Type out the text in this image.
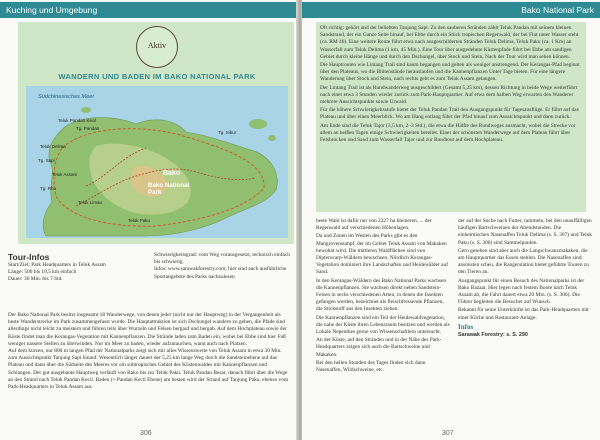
Kuching und Umgebung
Aktiv
WANDERN UND BADEN IM BAKO NATIONAL PARK
Südchinesisches Meer
Bako
Bako National Park
Teluk Pandan Kecil
Tg. Pandan
Teluk Delima
Tg. Sapi
Teluk Assam
Tg. Rhu
Teluk Limau
Tg. Sibur
Telok Paku

Tour-Infos

Start/Ziel: Park Headquarters in Teluk Assam
Länge: 500 bis 10,5 km einfach
Dauer: 30 Min. bis 7 Std.
Schwierigkeitsgrad: vom Weg vorausgesetzt, technisch einfach bis schwierig
Infos: www.sarawakforestry.com; hier sind auch ausführliche Sportangebote des Parks nachzulesen
Der Bako National Park besitzt insgesamt 18 Wanderwege, von denen jeder (nicht nur der Hauptweg) in der Vergangenheit als beste Wanderstrecke im Park zusammengefasst wurde. Die Hauptattraktion ist sich Dschungel wandern zu gehen, die Pfade sind allerdings nicht leicht zu meistern und führen teils über Wurzeln und Felsen bergauf und bergab. Auf dem Hochplateau sowie der Küste findet man die Kerangas-Vegetation mit Kannenpflanzen. Die Strände laden zum Baden ein, wobei bei Ebbe sind hier Fuß weniger nassere Stellen zu überwinden. Nur im Meer zu baden, wieder aufzutauchen, wann auch nach Platzen.
Auf dem kurzen, nur 800 m langen Pfad der Nationalparks zeigt sich mir alles Wissenswerte von Teluk Assam in etwa 30 Min. zum Aussichtspunkt Tanjung Sapi hinauf. Wesentlich länger dauert der 5,25 km lange Weg durch die Sandsteinebene auf das Plateau und dann über die Südseite des Meeres vor ein subtropisches Gebiet des Küstenwaldes mit Kannenpflanzen und Schlangen. Der gut ausgebaute Hauptweg verläuft von Bako bis zur Teluk Paku. Teluk Pandan Besar, danach führt über die Wege an den Strand nach Teluk Pandan Kecil. Baden (+ Pandan Kecil Ebene) am besten wird der Strand auf Tanjung Paku, ebenso vom Park-Headquarters in Teluk Assam aus.
306
Bako National Park

Oft richtig: gehört und der beliebten Tanjong Sapi. Zu den sauberen Stränden zählt Teluk Pandan mit seinem kleinen Sandstrand, der ein Ganze Seite hinauf, bei Ebbe durch ein Stück tropischen Regenwald, der bei Flut unter Wasser steht (ca. RM 40). Eine weitere Route führt etwa nach ausgeschilderten Stränden Teluk Delima, Teluk Paku (ca. 1 Km) an Wasserfall zum Teluk Delima (1 km, 45 Min.). Eine Tour über ausgedehnte Küstenpfade führt bei Ebbe am sandigen Gebiet durch kleine Hänge und durch den Dschungel, über Stock und Stein, Nach der Tour wird man sehen können.

Die Hauptrouten wie Lintang Trail sind kaum begangen und gelten als weniger anstrengend. Der Kerangas-Pfad beginnt über den Plateaus, wo die Blütenstände herauslaufen und die Kannenpflanzen Unter Tage bieten. Für eine längere Wanderung über Stock und Stein, nach rechts geht es zum Teluk Assam gelangen.

Der Lintang Trail ist als Rundwanderweg ausgeschildert (Gesamt 5,25 km), dessen Richtung in beide Wege weiterführt nach einer etwa 3 Stunden wieder zurück zum Park-Hauptquartier. Auf etwa dem halben Weg erwarten den Wanderer mehrere Aussichtspunkte sowie Urwald.

Für die höhere Schwierigkeitsstufe bietet der Teluk Pandan Trail den Ausgangspunkt für Tagesausflüge. Er führt auf das Plateau und über einen Meerblick. Wo am Hang entlang führt der Pfad hinauf zum Aussichtspunkt und dann zurück.

Am Ende sind die Teluk Tajor (3,5 km, 2–3 Std.), die etwa die Hälfte des Rundweges ausmacht, wobei die Strecke vor allem an heißen Tagen einige Schwierigkeiten bereitet. Einer der schönsten Wanderwege auf dem Plateau führt über Felsbrocken und Sand zum Wasserfall Tajor und zur Rundtour auf dem Hochplateau.

beste Wahl ist dafür nur von 2227 ha kleineren, ... der Regenwald auf verschiedenen Höhenlagen.

Da und Zonen im Westen des Parks gibt es den Mangrovensumpf, der im Gebiet Teluk Assam von Makaken bewohnt wird. Die mittleren Waldflächen sind von Dipterocarp-Wäldern bewachsen. Nördlich Kerangas-Vegetation dominiert ihre Landschaften und Heidewälder auf Sand.

In den Kerangas-Wäldern des Bako National Parks wachsen die Kannenpflanzen. Sie wachsen direkt neben Sandstein-Felsen in sechs verschiedenen Arten, in denen die Insekten gefangen werden, bezeichnet als fleischfressende Pflanzen, die Stickstoff aus den Insekten ziehen.

Die Kannenpflanzen sind ein Teil der Heidewaldvegetation, die nahe der Küste ihren Lebensraum besitzen und werden als Lokale Nepenthes gerne von Wissenschaftlern untersucht.

An der Küste, auf den Stränden und in der Nähe des Park-Headquarters zeigen sich auch die Bartschweine und Makaken.

Bei den hellen Stunden des Tages finden sich dann Nasenaffen, Wildschweine, etc.

der auf der Suche nach Futter, tummeln, bei den unauffälligen häufigen Bartschweinen der Abendstunden. Die einheimischen Nasenaffen Teluk Delima (s. S. 307) und Teluk Paku (s. S. 306) sind Sammelpunkte.

Gern gesehen sind aber auch die Langschwanzmakaken, die am Hauptquartier das Essen stehlen. Die Nasenaffen sind ansonsten scheu, die Rangerstation bietet geführte Touren zu den Tieren an.

Ausgangspunkt für einen Besuch des Nationalparks ist der Bako Bazaar. Hier legen nach festem Boote nach Teluk Assam ab, die Fahrt dauert etwa 20 Min. (s. S. 306). Die Führer begleiten die Besucher auf Wunsch.

Bekannt für seine Unterkünfte ist das Park-Headquarters mit einer Küche und Restaurant-Anlage.

Infos
Sarawak Forestry: s. S. 290
307
